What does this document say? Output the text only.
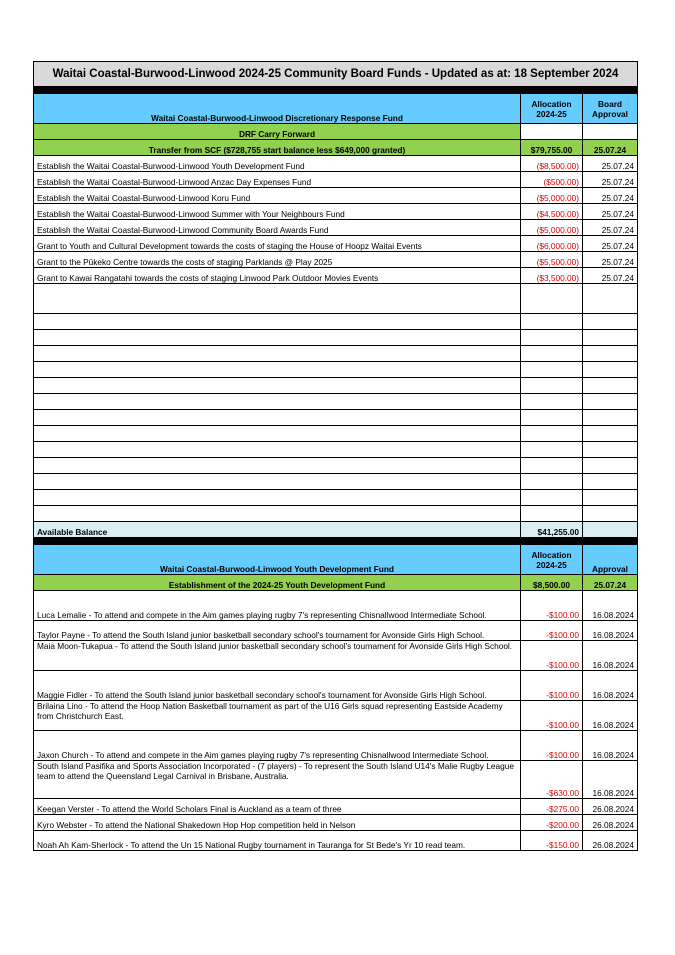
Waitai Coastal-Burwood-Linwood 2024-25 Community Board Funds - Updated as at: 18 September 2024		

Waitai Coastal-Burwood-Linwood Discretionary Response Fund	Allocation 2024-25	Board Approval
DRF Carry Forward		
Transfer from SCF ($728,755 start balance less $649,000 granted)	$79,755.00	25.07.24
Establish the Waitai Coastal-Burwood-Linwood Youth Development Fund	($8,500.00)	25.07.24
Establish the Waitai Coastal-Burwood-Linwood Anzac Day Expenses Fund	($500.00)	25.07.24
Establish the Waitai Coastal-Burwood-Linwood Koru Fund	($5,000.00)	25.07.24
Establish the Waitai Coastal-Burwood-Linwood Summer with Your Neighbours Fund	($4,500.00)	25.07.24
Establish the Waitai Coastal-Burwood-Linwood Community Board Awards Fund	($5,000.00)	25.07.24
Grant to Youth and Cultural Development towards the costs of staging the House of Hoopz Waitai Events	($6,000.00)	25.07.24
Grant to the Pūkeko Centre towards the costs of staging Parklands @ Play 2025	($5,500.00)	25.07.24
Grant to Kawai Rangatahi towards the costs of staging Linwood Park Outdoor Movies Events	($3,500.00)	25.07.24

Available Balance	$41,255.00	

Waitai Coastal-Burwood-Linwood Youth Development Fund	Allocation 2024-25	Approval
Establishment of the 2024-25 Youth Development Fund	$8,500.00	25.07.24
Luca Lemalie - To attend and compete in the Aim games playing rugby 7's representing Chisnallwood Intermediate School.	-$100.00	16.08.2024
Taylor Payne - To attend the South Island junior basketball secondary school's tournament for Avonside Girls High School.	-$100.00	16.08.2024
Maia Moon-Tukapua - To attend the South Island junior basketball secondary school's tournament for Avonside Girls High School.	-$100.00	16.08.2024
Maggie Fidler - To attend the South Island junior basketball secondary school's tournament for Avonside Girls High School.	-$100.00	16.08.2024
Brilaina Lino - To attend the Hoop Nation Basketball tournament as part of the U16 Girls squad representing Eastside Academy from Christchurch East.	-$100.00	16.08.2024
Jaxon Church - To attend and compete in the Aim games playing rugby 7's representing Chisnallwood Intermediate School.	-$100.00	16.08.2024
South Island Pasifika and Sports Association Incorporated - (7 players) - To represent the South Island U14's Malie Rugby League team to attend the Queensland Legal Carnival in Brisbane, Australia.	-$630.00	16.08.2024
Keegan Verster - To attend the World Scholars Final is Auckland as a team of three	-$275.00	26.08.2024
Kyro Webster - To attend the National Shakedown Hop Hop competition held in Nelson	-$200.00	26.08.2024
Noah Ah Kam-Sherlock - To attend the Un 15 National Rugby tournament in Tauranga for St Bede's Yr 10 read team.	-$150.00	26.08.2024
